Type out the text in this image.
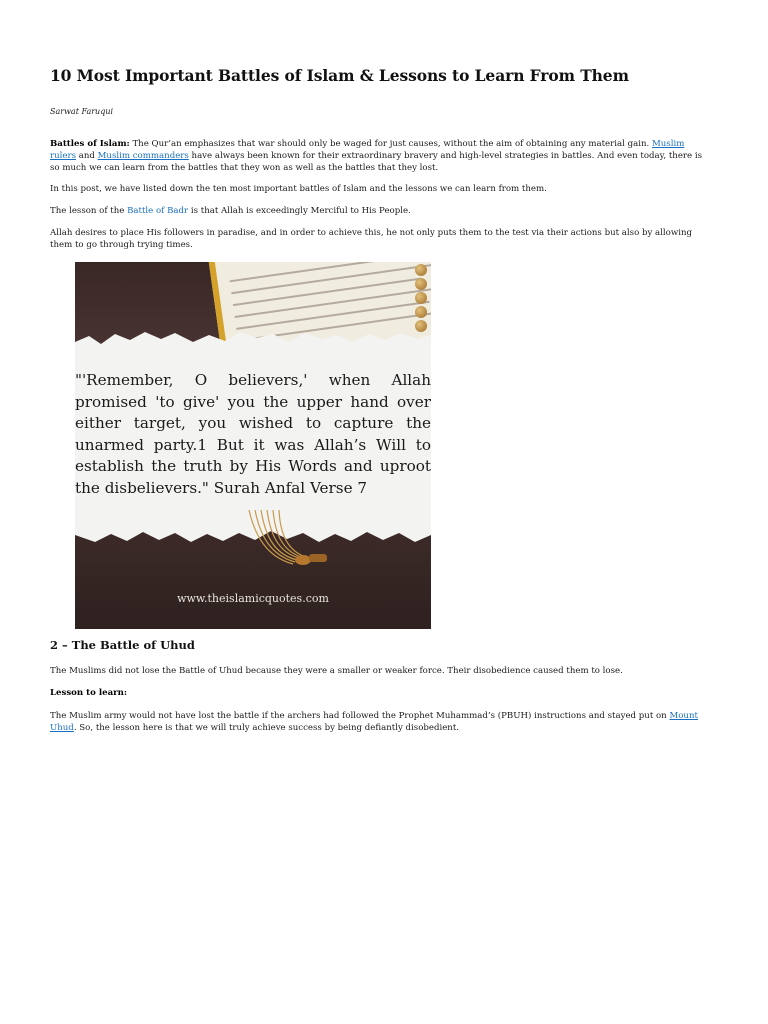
10 Most Important Battles of Islam & Lessons to Learn From Them
Sarwat Faruqui

Battles of Islam: The Qur’an emphasizes that war should only be waged for just causes, without the aim of obtaining any material gain. Muslim rulers and Muslim commanders have always been known for their extraordinary bravery and high-level strategies in battles. And even today, there is so much we can learn from the battles that they won as well as the battles that they lost.

In this post, we have listed down the ten most important battles of Islam and the lessons we can learn from them.

The lesson of the Battle of Badr is that Allah is exceedingly Merciful to His People.

Allah desires to place His followers in paradise, and in order to achieve this, he not only puts them to the test via their actions but also by allowing them to go through trying times.

2 – The Battle of Uhud

The Muslims did not lose the Battle of Uhud because they were a smaller or weaker force. Their disobedience caused them to lose.

Lesson to learn:

The Muslim army would not have lost the battle if the archers had followed the Prophet Muhammad’s (PBUH) instructions and stayed put on Mount Uhud. So, the lesson here is that we will truly achieve success by being defiantly disobedient.

"'Remember, O believers,' when Allah promised 'to give' you the upper hand over either target, you wished to capture the unarmed party.1 But it was Allah’s Will to establish the truth by His Words and uproot the disbelievers." Surah Anfal Verse 7
www.theislamicquotes.com
